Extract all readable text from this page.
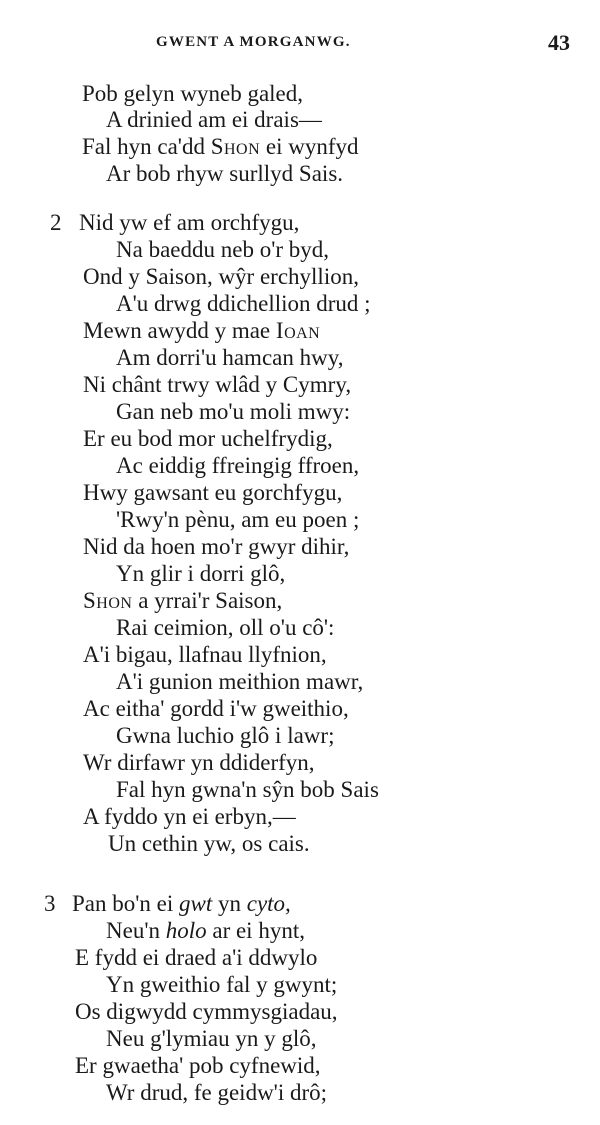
GWENT A MORGANWG.	43
Pob gelyn wyneb galed,
A drinied am ei drais—
Fal hyn ca'dd Shon ei wynfyd
Ar bob rhyw surllyd Sais.
2 Nid yw ef am orchfygu,
Na baeddu neb o'r byd,
Ond y Saison, wŷr erchyllion,
A'u drwg ddichellion drud ;
Mewn awydd y mae Ioan
Am dorri'u hamcan hwy,
Ni chânt trwy wlâd y Cymry,
Gan neb mo'u moli mwy:
Er eu bod mor uchelfrydig,
Ac eiddig ffreingig ffroen,
Hwy gawsant eu gorchfygu,
'Rwy'n pènu, am eu poen ;
Nid da hoen mo'r gwyr dihir,
Yn glir i dorri glô,
Shon a yrrai'r Saison,
Rai ceimion, oll o'u cô':
A'i bigau, llafnau llyfnion,
A'i gunion meithion mawr,
Ac eitha' gordd i'w gweithio,
Gwna luchio glô i lawr;
Wr dirfawr yn ddiderfyn,
Fal hyn gwna'n sŷn bob Sais
A fyddo yn ei erbyn,—
Un cethin yw, os cais.
3 Pan bo'n ei gwt yn cyto,
Neu'n holo ar ei hynt,
E fydd ei draed a'i ddwylo
Yn gweithio fal y gwynt;
Os digwydd cymmysgiadau,
Neu g'lymiau yn y glô,
Er gwaetha' pob cyfnewid,
Wr drud, fe geidw'i drô;
